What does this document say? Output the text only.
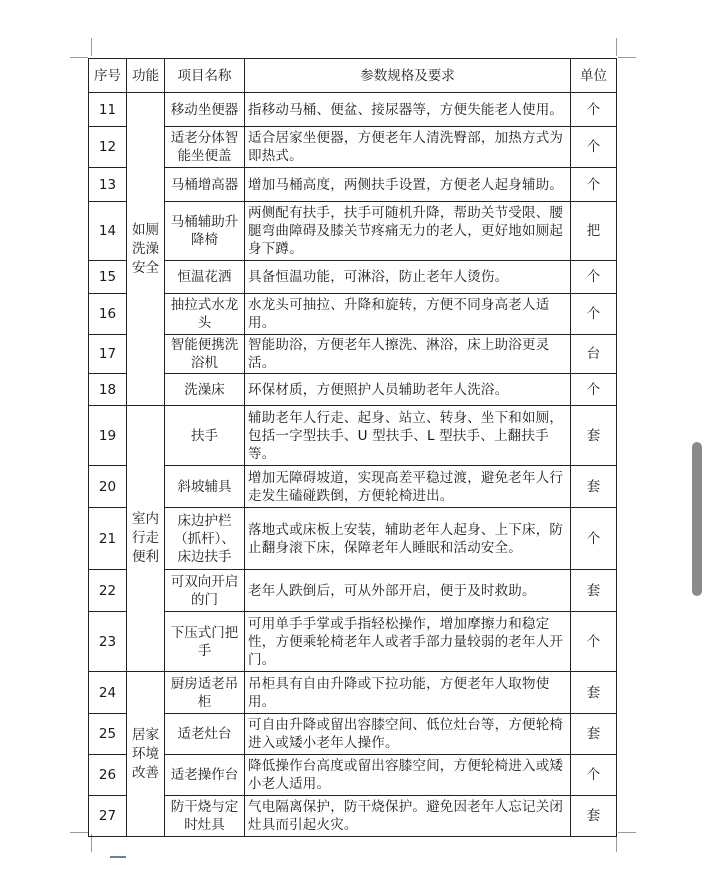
序号	功能	项目名称	参数规格及要求	单位
11	如厕洗澡安全	移动坐便器	指移动马桶、便盆、接尿器等，方便失能老人使用。	个
12		适老分体智能坐便盖	适合居家坐便器，方便老年人清洗臀部，加热方式为即热式。	个
13		马桶增高器	增加马桶高度，两侧扶手设置，方便老人起身辅助。	个
14		马桶辅助升降椅	两侧配有扶手，扶手可随机升降，帮助关节受限、腰腿弯曲障碍及膝关节疼痛无力的老人，更好地如厕起身下蹲。	把
15		恒温花洒	具备恒温功能，可淋浴，防止老年人烫伤。	个
16		抽拉式水龙头	水龙头可抽拉、升降和旋转，方便不同身高老人适用。	个
17		智能便携洗浴机	智能助浴，方便老年人擦洗、淋浴，床上助浴更灵活。	台
18		洗澡床	环保材质，方便照护人员辅助老年人洗浴。	个
19	室内行走便利	扶手	辅助老年人行走、起身、站立、转身、坐下和如厕，包括一字型扶手、U 型扶手、L 型扶手、上翻扶手等。	套
20		斜坡辅具	增加无障碍坡道，实现高差平稳过渡，避免老年人行走发生磕碰跌倒，方便轮椅进出。	套
21		床边护栏（抓杆）、床边扶手	落地式或床板上安装，辅助老年人起身、上下床，防止翻身滚下床，保障老年人睡眠和活动安全。	个
22		可双向开启的门	老年人跌倒后，可从外部开启，便于及时救助。	套
23		下压式门把手	可用单手手掌或手指轻松操作，增加摩擦力和稳定性，方便乘轮椅老年人或者手部力量较弱的老年人开门。	个
24	居家环境改善	厨房适老吊柜	吊柜具有自由升降或下拉功能，方便老年人取物使用。	套
25		适老灶台	可自由升降或留出容膝空间、低位灶台等，方便轮椅进入或矮小老年人操作。	套
26		适老操作台	降低操作台高度或留出容膝空间，方便轮椅进入或矮小老人适用。	个
27		防干烧与定时灶具	气电隔离保护，防干烧保护。避免因老年人忘记关闭灶具而引起火灾。	套
